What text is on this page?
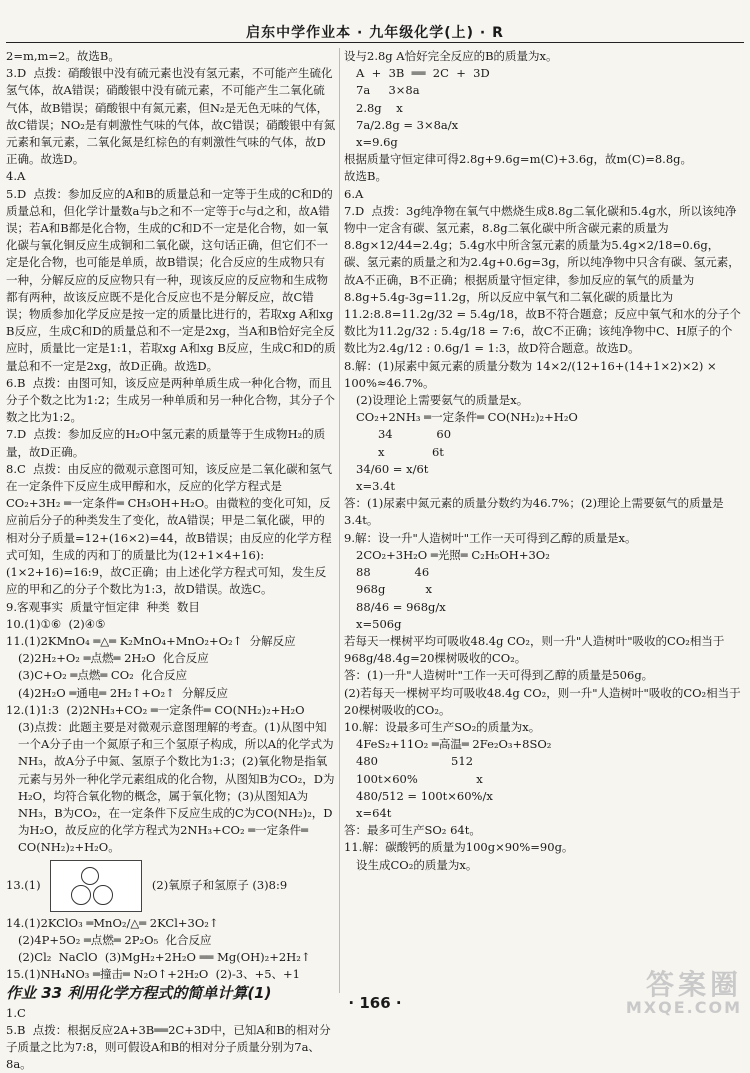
启东中学作业本 · 九年级化学(上) · R

2=m,m=2。故选B。

3.D  点拨：硝酸银中没有硫元素也没有氢元素，不可能产生硫化氢气体，故A错误；硝酸银中没有硫元素，不可能产生二氧化硫气体，故B错误；硝酸银中有氮元素，但N₂是无色无味的气体，故C错误；NO₂是有刺激性气味的气体，故C错误；硝酸银中有氮元素和氧元素，二氧化氮是红棕色的有刺激性气味的气体，故D正确。故选D。

4.A

5.D  点拨：参加反应的A和B的质量总和一定等于生成的C和D的质量总和，但化学计量数a与b之和不一定等于c与d之和，故A错误；若A和B都是化合物，生成的C和D不一定是化合物，如一氧化碳与氧化铜反应生成铜和二氧化碳，这句话正确，但它们不一定是化合物，也可能是单质，故B错误；化合反应的生成物只有一种，分解反应的反应物只有一种，现该反应的反应物和生成物都有两种，故该反应既不是化合反应也不是分解反应，故C错误；物质参加化学反应是按一定的质量比进行的，若取xg A和xg B反应，生成C和D的质量总和不一定是2xg，当A和B恰好完全反应时，质量比一定是1:1，若取xg A和xg B反应，生成C和D的质量总和不一定是2xg，故D正确。故选D。

6.B  点拨：由图可知，该反应是两种单质生成一种化合物，而且分子个数之比为1:2；生成另一种单质和另一种化合物，其分子个数之比为1:2。

7.D  点拨：参加反应的H₂O中氢元素的质量等于生成物H₂的质量，故D正确。

8.C  点拨：由反应的微观示意图可知，该反应是二氧化碳和氢气在一定条件下反应生成甲醇和水，反应的化学方程式是CO₂+3H₂ ═一定条件═ CH₃OH+H₂O。由微粒的变化可知，反应前后分子的种类发生了变化，故A错误；甲是二氧化碳，甲的相对分子质量=12+(16×2)=44，故B错误；由反应的化学方程式可知，生成的丙和丁的质量比为(12+1×4+16):(1×2+16)=16:9，故C正确；由上述化学方程式可知，发生反应的甲和乙的分子个数比为1:3，故D错误。故选C。

9.客观事实  质量守恒定律  种类  数目

10.(1)①⑥  (2)④⑤

11.(1)2KMnO₄ ═△═ K₂MnO₄+MnO₂+O₂↑  分解反应

(2)2H₂+O₂ ═点燃═ 2H₂O  化合反应

(3)C+O₂ ═点燃═ CO₂  化合反应

(4)2H₂O ═通电═ 2H₂↑+O₂↑  分解反应

12.(1)1:3  (2)2NH₃+CO₂ ═一定条件═ CO(NH₂)₂+H₂O

(3)点拨：此题主要是对微观示意图理解的考查。(1)从图中知一个A分子由一个氮原子和三个氢原子构成，所以A的化学式为NH₃，故A分子中氮、氢原子个数比为1:3；(2)氧化物是指氧元素与另外一种化学元素组成的化合物，从图知B为CO₂，D为H₂O，均符合氧化物的概念，属于氧化物；(3)从图知A为NH₃，B为CO₂，在一定条件下反应生成的C为CO(NH₂)₂，D为H₂O，故反应的化学方程式为2NH₃+CO₂ ═一定条件═ CO(NH₂)₂+H₂O。

13.(1)	(2)氧原子和氢原子 (3)8:9

14.(1)2KClO₃ ═MnO₂/△═ 2KCl+3O₂↑

(2)4P+5O₂ ═点燃═ 2P₂O₅  化合反应

(2)Cl₂  NaClO  (3)MgH₂+2H₂O ══ Mg(OH)₂+2H₂↑

15.(1)NH₄NO₃ ═撞击═ N₂O↑+2H₂O  (2)-3、+5、+1

作业 33 利用化学方程式的简单计算(1)

1.C

5.B  点拨：根据反应2A+3B══2C+3D中，已知A和B的相对分子质量之比为7:8，则可假设A和B的相对分子质量分别为7a、8a。

设与2.8g A恰好完全反应的B的质量为x。

A  +  3B  ══  2C  +  3D

7a     3×8a

2.8g    x

7a/2.8g = 3×8a/x

x=9.6g

根据质量守恒定律可得2.8g+9.6g=m(C)+3.6g，故m(C)=8.8g。

故选B。

6.A

7.D  点拨：3g纯净物在氧气中燃烧生成8.8g二氧化碳和5.4g水，所以该纯净物中一定含有碳、氢元素，8.8g二氧化碳中所含碳元素的质量为8.8g×12/44=2.4g；5.4g水中所含氢元素的质量为5.4g×2/18=0.6g，碳、氢元素的质量之和为2.4g+0.6g=3g，所以纯净物中只含有碳、氢元素，故A不正确，B不正确；根据质量守恒定律，参加反应的氧气的质量为8.8g+5.4g-3g=11.2g，所以反应中氧气和二氧化碳的质量比为11.2:8.8=11.2g/32 = 5.4g/18，故B不符合题意；反应中氧气和水的分子个数比为11.2g/32 : 5.4g/18 = 7:6，故C不正确；该纯净物中C、H原子的个数比为2.4g/12 : 0.6g/1 = 1:3，故D符合题意。故选D。

8.解：(1)尿素中氮元素的质量分数为 14×2/(12+16+(14+1×2)×2) × 100%≈46.7%。

(2)设理论上需要氨气的质量是x。

CO₂+2NH₃ ═一定条件═ CO(NH₂)₂+H₂O

34            60

x             6t

34/60 = x/6t

x=3.4t

答：(1)尿素中氮元素的质量分数约为46.7%；(2)理论上需要氨气的质量是3.4t。

9.解：设一升"人造树叶"工作一天可得到乙醇的质量是x。

2CO₂+3H₂O ═光照═ C₂H₅OH+3O₂

88            46

968g           x

88/46 = 968g/x

x=506g

若每天一棵树平均可吸收48.4g CO₂，则一升"人造树叶"吸收的CO₂相当于968g/48.4g=20棵树吸收的CO₂。

答：(1)一升"人造树叶"工作一天可得到乙醇的质量是506g。

(2)若每天一棵树平均可吸收48.4g CO₂，则一升"人造树叶"吸收的CO₂相当于20棵树吸收的CO₂。

10.解：设最多可生产SO₂的质量为x。

4FeS₂+11O₂ ═高温═ 2Fe₂O₃+8SO₂

480                    512

100t×60%                x

480/512 = 100t×60%/x

x=64t

答：最多可生产SO₂ 64t。

11.解：碳酸钙的质量为100g×90%=90g。

设生成CO₂的质量为x。

· 166 ·
答案圈
MXQE.COM
